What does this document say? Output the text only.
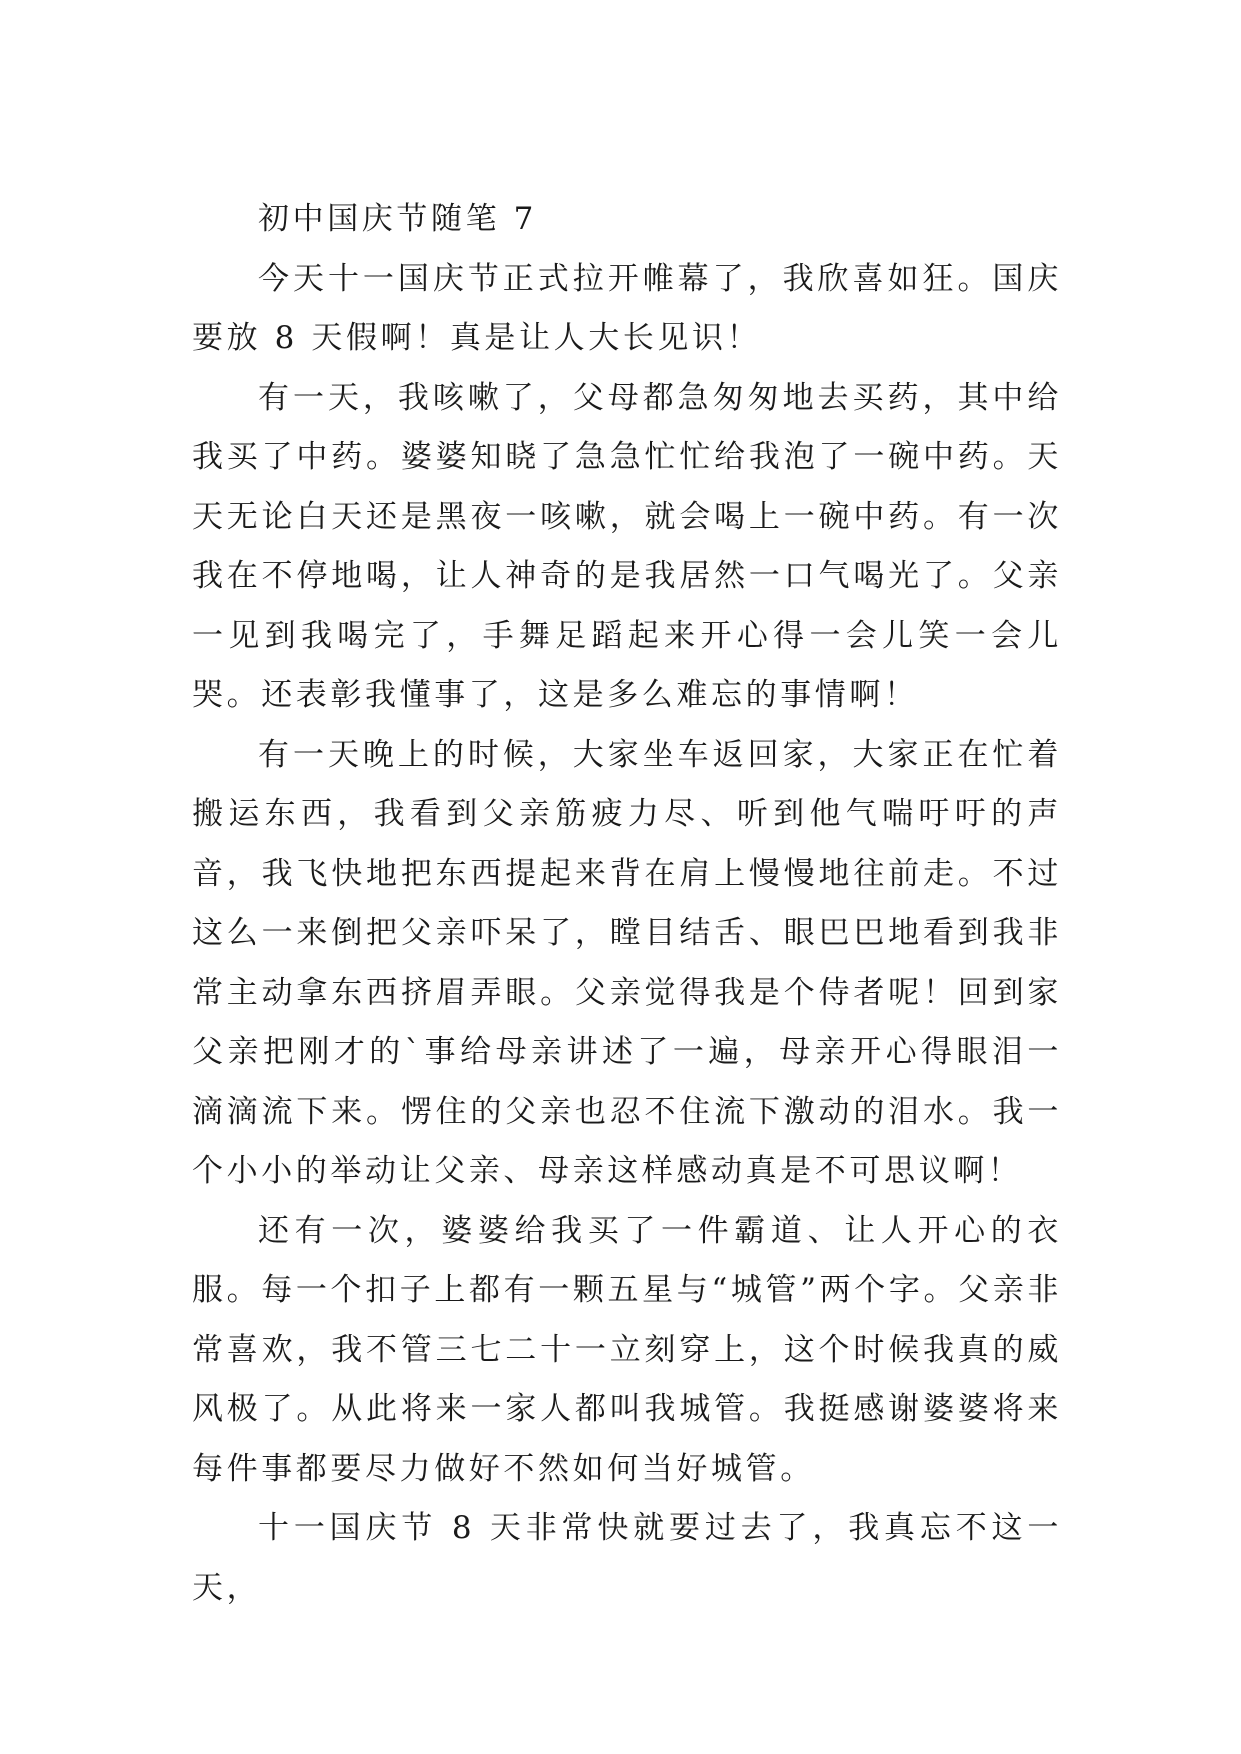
初中国庆节随笔 7

今天十一国庆节正式拉开帷幕了，我欣喜如狂。国庆要放 8 天假啊！真是让人大长见识！

有一天，我咳嗽了，父母都急匆匆地去买药，其中给我买了中药。婆婆知晓了急急忙忙给我泡了一碗中药。天天无论白天还是黑夜一咳嗽，就会喝上一碗中药。有一次我在不停地喝，让人神奇的是我居然一口气喝光了。父亲一见到我喝完了，手舞足蹈起来开心得一会儿笑一会儿哭。还表彰我懂事了，这是多么难忘的事情啊！

有一天晚上的时候，大家坐车返回家，大家正在忙着搬运东西，我看到父亲筋疲力尽、听到他气喘吁吁的声音，我飞快地把东西提起来背在肩上慢慢地往前走。不过这么一来倒把父亲吓呆了，瞠目结舌、眼巴巴地看到我非常主动拿东西挤眉弄眼。父亲觉得我是个侍者呢！回到家父亲把刚才的`事给母亲讲述了一遍，母亲开心得眼泪一滴滴流下来。愣住的父亲也忍不住流下激动的泪水。我一个小小的举动让父亲、母亲这样感动真是不可思议啊！

还有一次，婆婆给我买了一件霸道、让人开心的衣服。每一个扣子上都有一颗五星与“城管”两个字。父亲非常喜欢，我不管三七二十一立刻穿上，这个时候我真的威风极了。从此将来一家人都叫我城管。我挺感谢婆婆将来每件事都要尽力做好不然如何当好城管。

十一国庆节 8 天非常快就要过去了，我真忘不这一天，
